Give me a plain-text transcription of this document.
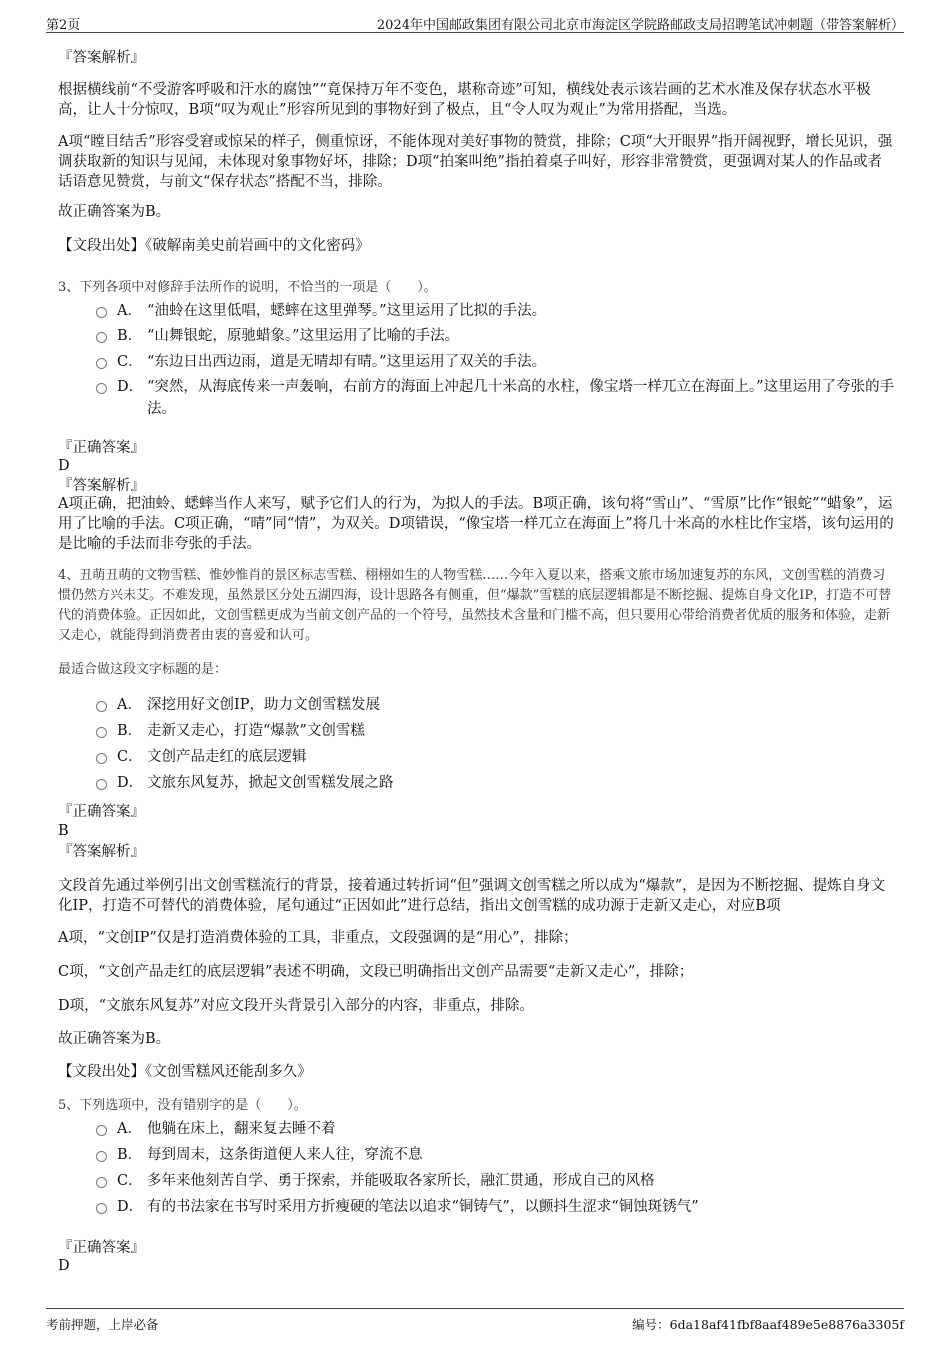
第2页	2024年中国邮政集团有限公司北京市海淀区学院路邮政支局招聘笔试冲刺题（带答案解析）

『答案解析』

根据横线前“不受游客呼吸和汗水的腐蚀”“竟保持万年不变色，堪称奇迹”可知，横线处表示该岩画的艺术水准及保存状态水平极高，让人十分惊叹，B项“叹为观止”形容所见到的事物好到了极点，且“令人叹为观止”为常用搭配，当选。

A项“瞠目结舌”形容受窘或惊呆的样子，侧重惊讶，不能体现对美好事物的赞赏，排除；C项“大开眼界”指开阔视野，增长见识，强调获取新的知识与见闻，未体现对象事物好坏，排除；D项“拍案叫绝”指拍着桌子叫好，形容非常赞赏，更强调对某人的作品或者话语意见赞赏，与前文“保存状态”搭配不当，排除。

故正确答案为B。

【文段出处】《破解南美史前岩画中的文化密码》

3、下列各项中对修辞手法所作的说明，不恰当的一项是（　　）。

A． “油蛉在这里低唱，蟋蟀在这里弹琴。”这里运用了比拟的手法。
B． “山舞银蛇，原驰蜡象。”这里运用了比喻的手法。
C． “东边日出西边雨，道是无晴却有晴。”这里运用了双关的手法。
D． “突然，从海底传来一声轰响，右前方的海面上冲起几十米高的水柱，像宝塔一样兀立在海面上。”这里运用了夸张的手法。

『正确答案』

D

『答案解析』

A项正确，把油蛉、蟋蟀当作人来写，赋予它们人的行为，为拟人的手法。B项正确，该句将“雪山”、“雪原”比作“银蛇”“蜡象”，运用了比喻的手法。C项正确，“晴”同“情”，为双关。D项错误，“像宝塔一样兀立在海面上”将几十米高的水柱比作宝塔，该句运用的是比喻的手法而非夸张的手法。

4、丑萌丑萌的文物雪糕、惟妙惟肖的景区标志雪糕、栩栩如生的人物雪糕……今年入夏以来，搭乘文旅市场加速复苏的东风，文创雪糕的消费习惯仍然方兴未艾。不难发现，虽然景区分处五湖四海，设计思路各有侧重，但“爆款”雪糕的底层逻辑都是不断挖掘、提炼自身文化IP，打造不可替代的消费体验。正因如此，文创雪糕更成为当前文创产品的一个符号，虽然技术含量和门槛不高，但只要用心带给消费者优质的服务和体验，走新又走心，就能得到消费者由衷的喜爱和认可。

最适合做这段文字标题的是：

A． 深挖用好文创IP，助力文创雪糕发展
B． 走新又走心，打造“爆款”文创雪糕
C． 文创产品走红的底层逻辑
D． 文旅东风复苏，掀起文创雪糕发展之路

『正确答案』

B

『答案解析』

文段首先通过举例引出文创雪糕流行的背景，接着通过转折词“但”强调文创雪糕之所以成为“爆款”，是因为不断挖掘、提炼自身文化IP，打造不可替代的消费体验，尾句通过“正因如此”进行总结，指出文创雪糕的成功源于走新又走心，对应B项

A项，“文创IP”仅是打造消费体验的工具，非重点，文段强调的是“用心”，排除；

C项，“文创产品走红的底层逻辑”表述不明确，文段已明确指出文创产品需要“走新又走心”，排除；

D项，“文旅东风复苏”对应文段开头背景引入部分的内容，非重点，排除。

故正确答案为B。

【文段出处】《文创雪糕风还能刮多久》

5、下列选项中，没有错别字的是（　　）。

A． 他躺在床上，翻来复去睡不着
B． 每到周末，这条街道便人来人往，穿流不息
C． 多年来他刻苦自学、勇于探索，并能吸取各家所长，融汇贯通，形成自己的风格
D． 有的书法家在书写时采用方折瘦硬的笔法以追求“铜铸气”，以颤抖生涩求“铜蚀斑锈气”

『正确答案』

D

考前押题，上岸必备	编号：6da18af41fbf8aaf489e5e8876a3305f
